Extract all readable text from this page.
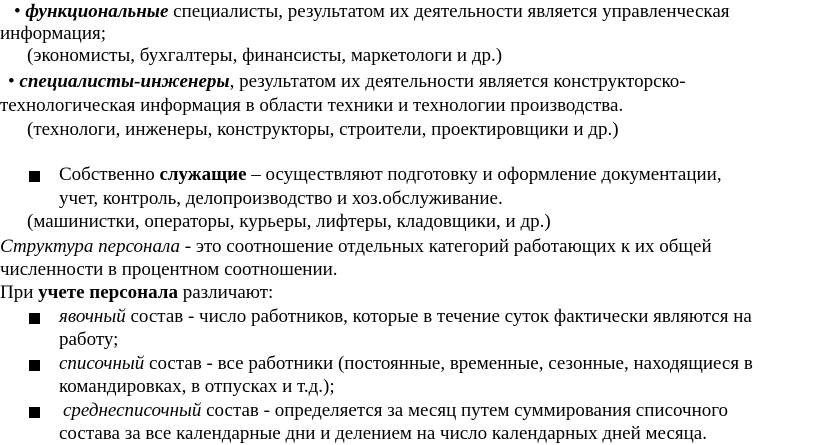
• функциональные специалисты, результатом их деятельности является управленческая
информация;
(экономисты, бухгалтеры, финансисты, маркетологи и др.)
• специалисты-инженеры, результатом их деятельности является конструкторско-
технологическая информация в области техники и технологии производства.
(технологи, инженеры, конструкторы, строители, проектировщики и др.)
Собственно служащие – осуществляют подготовку и оформление документации,
учет, контроль, делопроизводство и хоз.обслуживание.
(машинистки, операторы, курьеры, лифтеры, кладовщики, и др.)
Структура персонала - это соотношение отдельных категорий работающих к их общей
численности в процентном соотношении.
При учете персонала различают:
явочный состав - число работников, которые в течение суток фактически являются на
работу;
списочный состав - все работники (постоянные, временные, сезонные, находящиеся в
командировках, в отпусках и т.д.);
среднесписочный состав - определяется за месяц путем суммирования списочного
состава за все календарные дни и делением на число календарных дней месяца.
